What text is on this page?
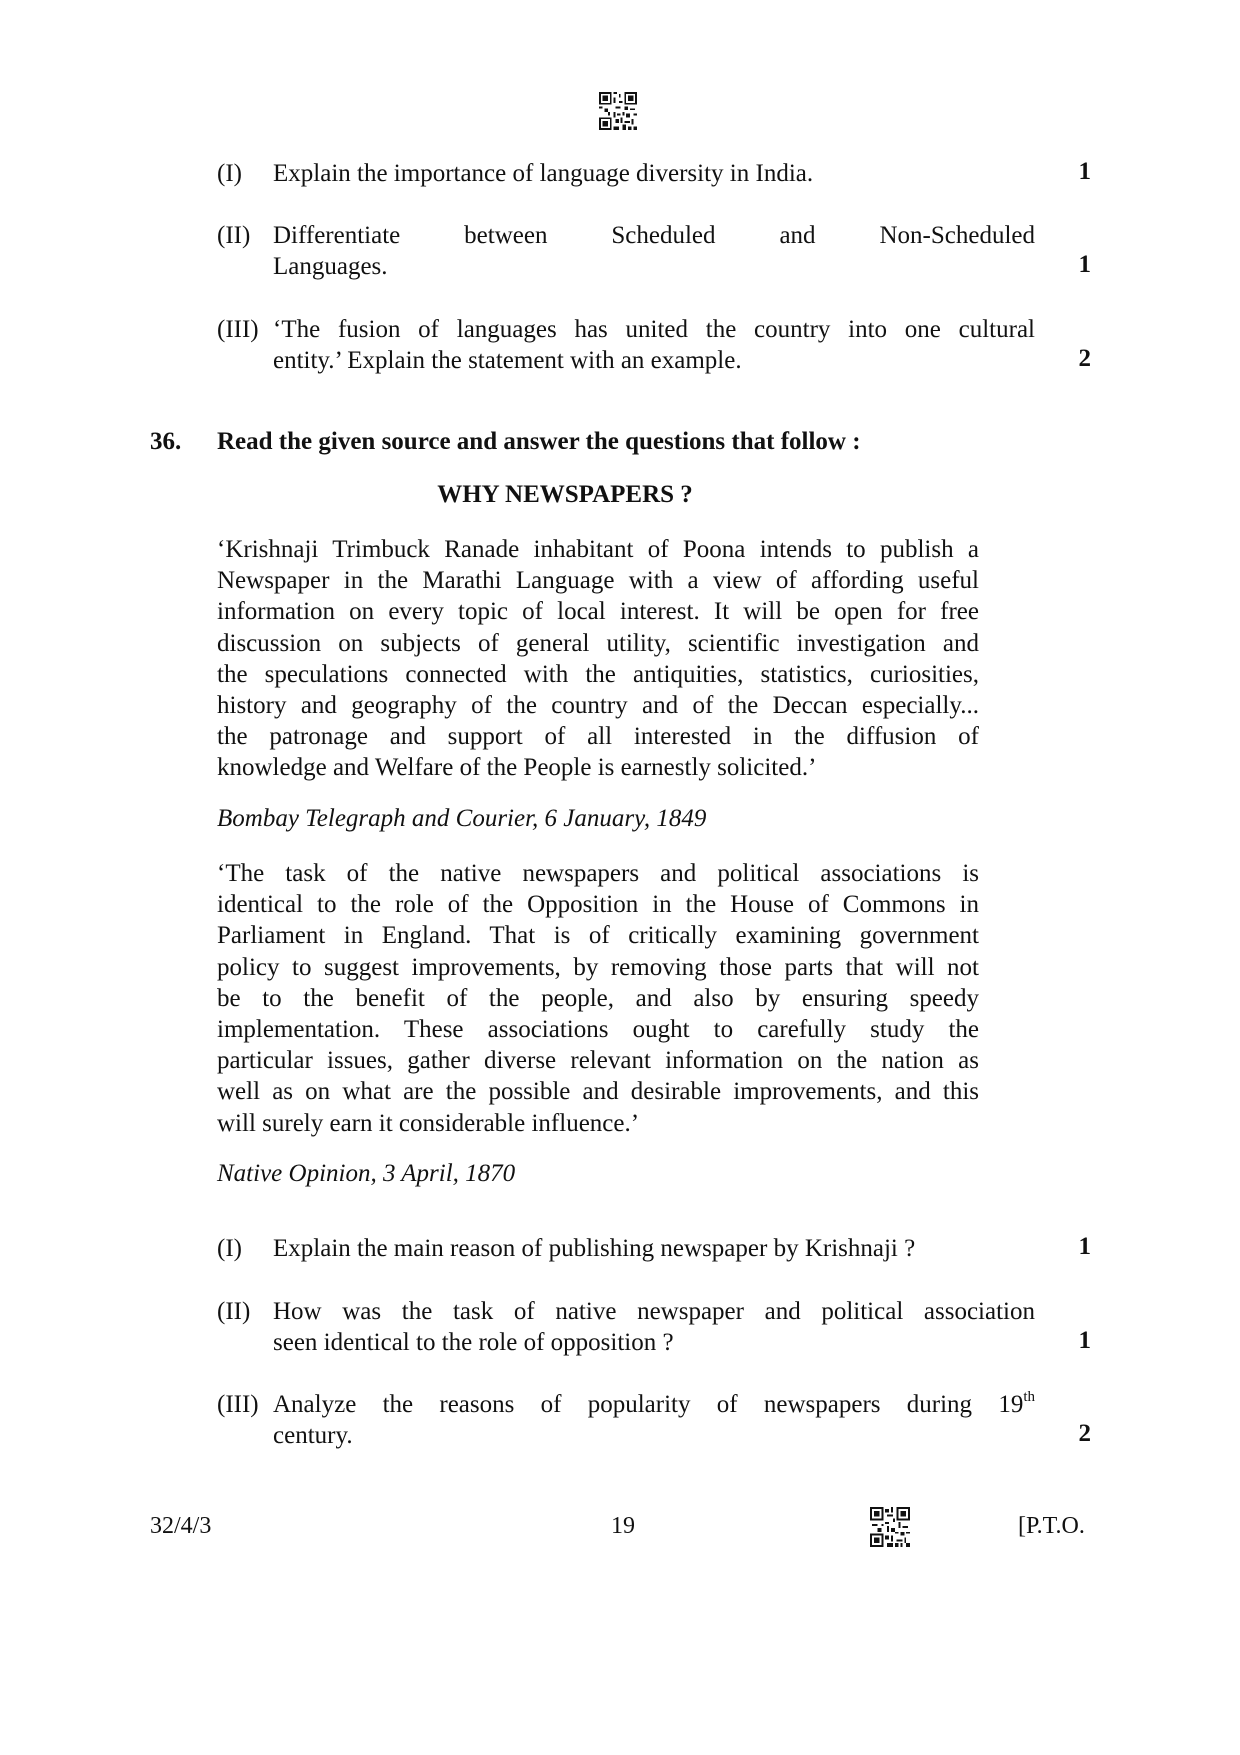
(I) Explain the importance of language diversity in India.	1
(II) Differentiate between Scheduled and Non-Scheduled
Languages.	1
(III) ‘The fusion of languages has united the country into one cultural
entity.’ Explain the statement with an example.	2
36. Read the given source and answer the questions that follow :
WHY NEWSPAPERS ?
‘Krishnaji Trimbuck Ranade inhabitant of Poona intends to publish a
Newspaper in the Marathi Language with a view of affording useful
information on every topic of local interest. It will be open for free
discussion on subjects of general utility, scientific investigation and
the speculations connected with the antiquities, statistics, curiosities,
history and geography of the country and of the Deccan especially...
the patronage and support of all interested in the diffusion of
knowledge and Welfare of the People is earnestly solicited.’
Bombay Telegraph and Courier, 6 January, 1849
‘The task of the native newspapers and political associations is
identical to the role of the Opposition in the House of Commons in
Parliament in England. That is of critically examining government
policy to suggest improvements, by removing those parts that will not
be to the benefit of the people, and also by ensuring speedy
implementation. These associations ought to carefully study the
particular issues, gather diverse relevant information on the nation as
well as on what are the possible and desirable improvements, and this
will surely earn it considerable influence.’
Native Opinion, 3 April, 1870
(I) Explain the main reason of publishing newspaper by Krishnaji ?	1
(II) How was the task of native newspaper and political association
seen identical to the role of opposition ?	1
(III) Analyze the reasons of popularity of newspapers during 19th
century.	2
32/4/3	19	[P.T.O.
